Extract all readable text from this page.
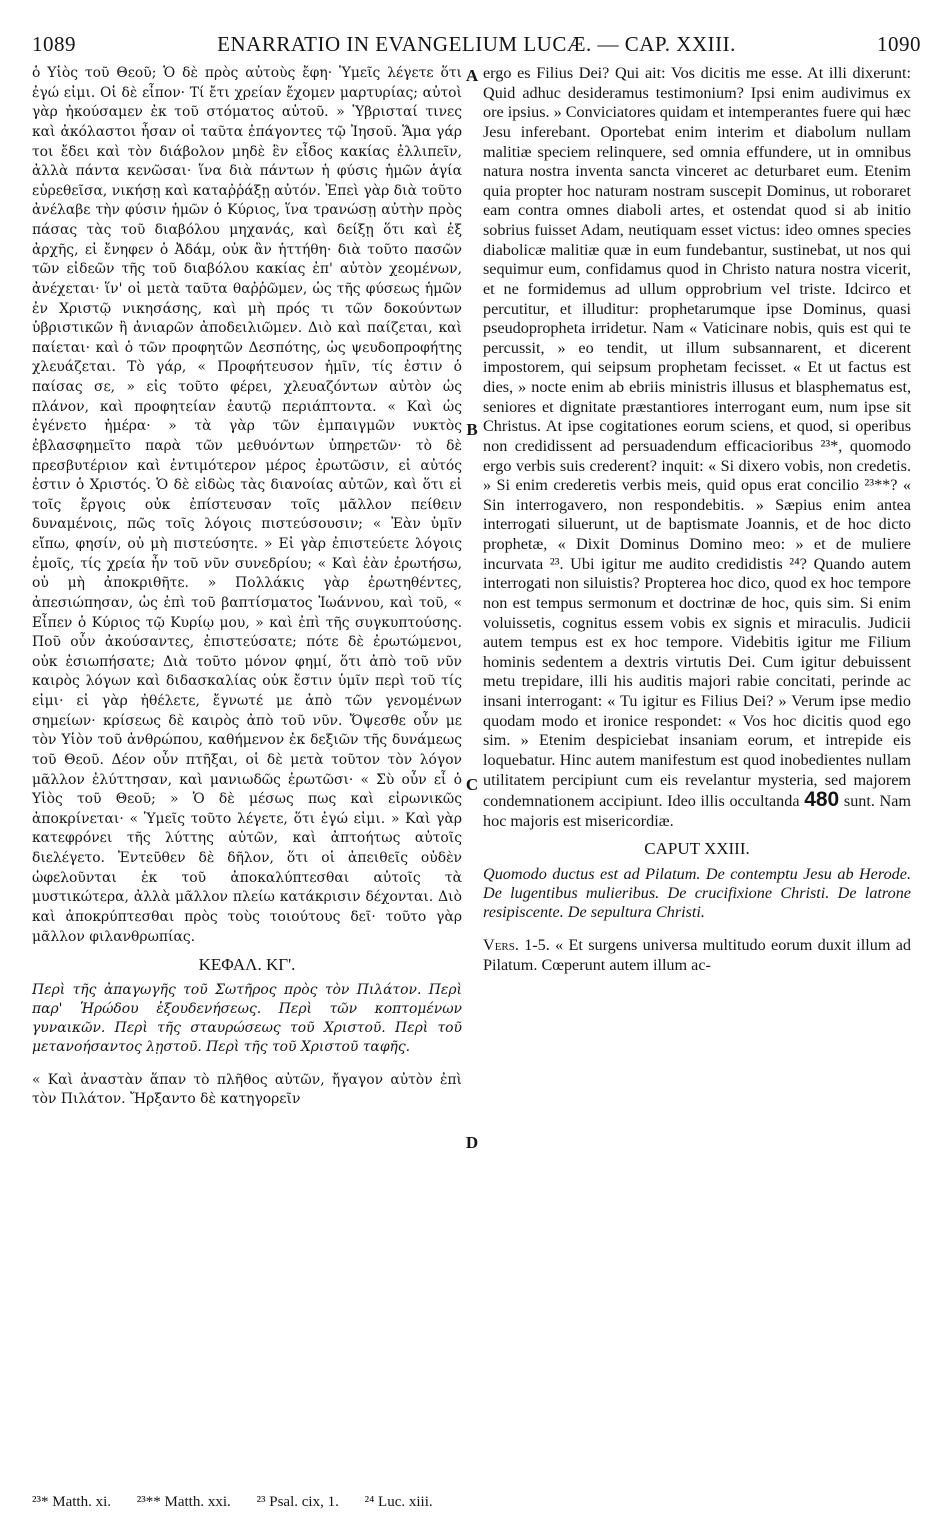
1089	ENARRATIO IN EVANGELIUM LUCÆ. — CAP. XXIII.	1090
A
B
C
D

ὁ Υἱὸς τοῦ Θεοῦ; Ὁ δὲ πρὸς αὐτοὺς ἔφη· Ὑμεῖς λέγετε ὅτι ἐγώ εἰμι. Οἱ δὲ εἶπον· Τί ἔτι χρείαν ἔχομεν μαρτυρίας; αὐτοὶ γὰρ ἠκούσαμεν ἐκ τοῦ στόματος αὐτοῦ. » Ὑβρισταί τινες καὶ ἀκόλαστοι ἦσαν οἱ ταῦτα ἐπάγοντες τῷ Ἰησοῦ. Ἅμα γάρ τοι ἔδει καὶ τὸν διάβολον μηδὲ ἓν εἶδος κακίας ἐλλιπεῖν, ἀλλὰ πάντα κενῶσαι· ἵνα διὰ πάντων ἡ φύσις ἡμῶν ἁγία εὑρεθεῖσα, νικήσῃ καὶ καταῤῥάξῃ αὐτόν. Ἐπεὶ γὰρ διὰ τοῦτο ἀνέλαβε τὴν φύσιν ἡμῶν ὁ Κύριος, ἵνα τρανώσῃ αὐτὴν πρὸς πάσας τὰς τοῦ διαβόλου μηχανάς, καὶ δείξῃ ὅτι καὶ ἐξ ἀρχῆς, εἰ ἔνηφεν ὁ Ἀδάμ, οὐκ ἂν ἡττήθη· διὰ τοῦτο πασῶν τῶν εἰδεῶν τῆς τοῦ διαβόλου κακίας ἐπ' αὐτὸν χεομένων, ἀνέχεται· ἵν' οἱ μετὰ ταῦτα θαῤῥῶμεν, ὡς τῆς φύσεως ἡμῶν ἐν Χριστῷ νικησάσης, καὶ μὴ πρός τι τῶν δοκούντων ὑβριστικῶν ἢ ἀνιαρῶν ἀποδειλιῶμεν. Διὸ καὶ παίζεται, καὶ παίεται· καὶ ὁ τῶν προφητῶν Δεσπότης, ὡς ψευδοπροφήτης χλευάζεται. Τὸ γάρ, « Προφήτευσον ἡμῖν, τίς ἐστιν ὁ παίσας σε, » εἰς τοῦτο φέρει, χλευαζόντων αὐτὸν ὡς πλάνον, καὶ προφητείαν ἑαυτῷ περιάπτοντα. « Καὶ ὡς ἐγένετο ἡμέρα· » τὰ γὰρ τῶν ἐμπαιγμῶν νυκτὸς ἐβλασφημεῖτο παρὰ τῶν μεθυόντων ὑπηρετῶν· τὸ δὲ πρεσβυτέριον καὶ ἐντιμότερον μέρος ἐρωτῶσιν, εἰ αὐτός ἐστιν ὁ Χριστός. Ὁ δὲ εἰδὼς τὰς διανοίας αὐτῶν, καὶ ὅτι εἰ τοῖς ἔργοις οὐκ ἐπίστευσαν τοῖς μᾶλλον πείθειν δυναμένοις, πῶς τοῖς λόγοις πιστεύσουσιν; « Ἐὰν ὑμῖν εἴπω, φησίν, οὐ μὴ πιστεύσητε. » Εἰ γὰρ ἐπιστεύετε λόγοις ἐμοῖς, τίς χρεία ἦν τοῦ νῦν συνεδρίου; « Καὶ ἐὰν ἐρωτήσω, οὐ μὴ ἀποκριθῆτε. » Πολλάκις γὰρ ἐρωτηθέντες, ἀπεσιώπησαν, ὡς ἐπὶ τοῦ βαπτίσματος Ἰωάννου, καὶ τοῦ, « Εἶπεν ὁ Κύριος τῷ Κυρίῳ μου, » καὶ ἐπὶ τῆς συγκυπτούσης. Ποῦ οὖν ἀκούσαντες, ἐπιστεύσατε; πότε δὲ ἐρωτώμενοι, οὐκ ἐσιωπήσατε; Διὰ τοῦτο μόνον φημί, ὅτι ἀπὸ τοῦ νῦν καιρὸς λόγων καὶ διδασκαλίας οὐκ ἔστιν ὑμῖν περὶ τοῦ τίς εἰμι· εἰ γὰρ ἠθέλετε, ἔγνωτέ με ἀπὸ τῶν γενομένων σημείων· κρίσεως δὲ καιρὸς ἀπὸ τοῦ νῦν. Ὄψεσθε οὖν με τὸν Υἱὸν τοῦ ἀνθρώπου, καθήμενον ἐκ δεξιῶν τῆς δυνάμεως τοῦ Θεοῦ. Δέον οὖν πτῆξαι, οἱ δὲ μετὰ τοῦτον τὸν λόγον μᾶλλον ἐλύττησαν, καὶ μανιωδῶς ἐρωτῶσι· « Σὺ οὖν εἶ ὁ Υἱὸς τοῦ Θεοῦ; » Ὁ δὲ μέσως πως καὶ εἰρωνικῶς ἀποκρίνεται· « Ὑμεῖς τοῦτο λέγετε, ὅτι ἐγώ εἰμι. » Καὶ γὰρ κατεφρόνει τῆς λύττης αὐτῶν, καὶ ἀπτοήτως αὐτοῖς διελέγετο. Ἐντεῦθεν δὲ δῆλον, ὅτι οἱ ἀπειθεῖς οὐδὲν ὠφελοῦνται ἐκ τοῦ ἀποκαλύπτεσθαι αὐτοῖς τὰ μυστικώτερα, ἀλλὰ μᾶλλον πλείω κατάκρισιν δέχονται. Διὸ καὶ ἀποκρύπτεσθαι πρὸς τοὺς τοιούτους δεῖ· τοῦτο γὰρ μᾶλλον φιλανθρωπίας.

ΚΕΦΑΛ. ΚΓ'.

Περὶ τῆς ἀπαγωγῆς τοῦ Σωτῆρος πρὸς τὸν Πιλάτον. Περὶ παρ' Ἡρώδου ἐξουδενήσεως. Περὶ τῶν κοπτομένων γυναικῶν. Περὶ τῆς σταυρώσεως τοῦ Χριστοῦ. Περὶ τοῦ μετανοήσαντος λῃστοῦ. Περὶ τῆς τοῦ Χριστοῦ ταφῆς.

« Καὶ ἀναστὰν ἅπαν τὸ πλῆθος αὐτῶν, ἤγαγον αὐτὸν ἐπὶ τὸν Πιλάτον. Ἤρξαντο δὲ κατηγορεῖν

ergo es Filius Dei? Qui ait: Vos dicitis me esse. At illi dixerunt: Quid adhuc desideramus testimonium? Ipsi enim audivimus ex ore ipsius. » Conviciatores quidam et intemperantes fuere qui hæc Jesu inferebant. Oportebat enim interim et diabolum nullam malitiæ speciem relinquere, sed omnia effundere, ut in omnibus natura nostra inventa sancta vinceret ac deturbaret eum. Etenim quia propter hoc naturam nostram suscepit Dominus, ut roboraret eam contra omnes diaboli artes, et ostendat quod si ab initio sobrius fuisset Adam, neutiquam esset victus: ideo omnes species diabolicæ malitiæ quæ in eum fundebantur, sustinebat, ut nos qui sequimur eum, confidamus quod in Christo natura nostra vicerit, et ne formidemus ad ullum opprobrium vel triste. Idcirco et percutitur, et illuditur: prophetarumque ipse Dominus, quasi pseudopropheta irridetur. Nam « Vaticinare nobis, quis est qui te percussit, » eo tendit, ut illum subsannarent, et dicerent impostorem, qui seipsum prophetam fecisset. « Et ut factus est dies, » nocte enim ab ebriis ministris illusus et blasphematus est, seniores et dignitate præstantiores interrogant eum, num ipse sit Christus. At ipse cogitationes eorum sciens, et quod, si operibus non credidissent ad persuadendum efficacioribus ²³*, quomodo ergo verbis suis crederent? inquit: « Si dixero vobis, non credetis. » Si enim crederetis verbis meis, quid opus erat concilio ²³**? « Sin interrogavero, non respondebitis. » Sæpius enim antea interrogati siluerunt, ut de baptismate Joannis, et de hoc dicto prophetæ, « Dixit Dominus Domino meo: » et de muliere incurvata ²³. Ubi igitur me audito credidistis ²⁴? Quando autem interrogati non siluistis? Propterea hoc dico, quod ex hoc tempore non est tempus sermonum et doctrinæ de hoc, quis sim. Si enim voluissetis, cognitus essem vobis ex signis et miraculis. Judicii autem tempus est ex hoc tempore. Videbitis igitur me Filium hominis sedentem a dextris virtutis Dei. Cum igitur debuissent metu trepidare, illi his auditis majori rabie concitati, perinde ac insani interrogant: « Tu igitur es Filius Dei? » Verum ipse medio quodam modo et ironice respondet: « Vos hoc dicitis quod ego sim. » Etenim despiciebat insaniam eorum, et intrepide eis loquebatur. Hinc autem manifestum est quod inobedientes nullam utilitatem percipiunt cum eis revelantur mysteria, sed majorem condemnationem accipiunt. Ideo illis occultanda 480 sunt. Nam hoc majoris est misericordiæ.

CAPUT XXIII.

Quomodo ductus est ad Pilatum. De contemptu Jesu ab Herode. De lugentibus mulieribus. De crucifixione Christi. De latrone resipiscente. De sepultura Christi.

Vers. 1-5. « Et surgens universa multitudo eorum duxit illum ad Pilatum. Cœperunt autem illum ac-

²³* Matth. xi. ²³** Matth. xxi. ²³ Psal. cix, 1. ²⁴ Luc. xiii.
